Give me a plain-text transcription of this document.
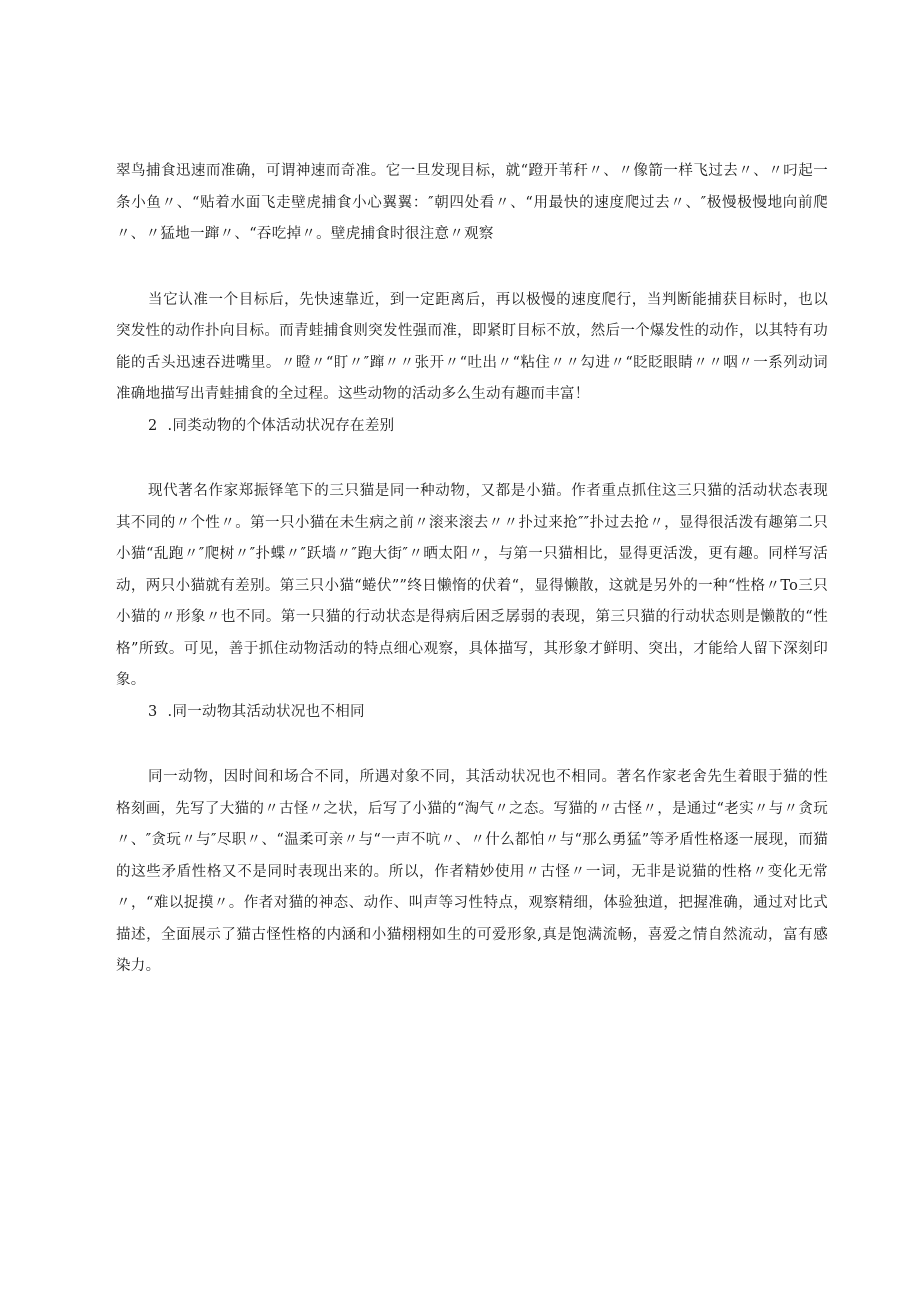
翠鸟捕食迅速而准确，可谓神速而奇准。它一旦发现目标，就“蹬开苇秆〃、〃像箭一样飞过去〃、〃叼起一条小鱼〃、“贴着水面飞走壁虎捕食小心翼翼：″朝四处看〃、“用最快的速度爬过去〃、″极慢极慢地向前爬〃、〃猛地一蹿〃、“吞吃掉〃。壁虎捕食时很注意〃观察

当它认准一个目标后，先快速靠近，到一定距离后，再以极慢的速度爬行，当判断能捕获目标时，也以突发性的动作扑向目标。而青蛙捕食则突发性强而准，即紧盯目标不放，然后一个爆发性的动作，以其特有功能的舌头迅速吞进嘴里。〃瞪〃“盯〃″蹿〃〃张开〃“吐出〃“粘住〃〃勾进〃“眨眨眼睛〃〃咽〃一系列动词准确地描写出青蛙捕食的全过程。这些动物的活动多么生动有趣而丰富！

2 .同类动物的个体活动状况存在差别

现代著名作家郑振铎笔下的三只猫是同一种动物，又都是小猫。作者重点抓住这三只猫的活动状态表现其不同的〃个性〃。第一只小猫在未生病之前〃滚来滚去〃〃扑过来抢″″扑过去抢〃，显得很活泼有趣第二只小猫“乱跑〃″爬树〃″扑蝶〃″跃墙〃″跑大街″〃晒太阳〃，与第一只猫相比，显得更活泼，更有趣。同样写活动，两只小猫就有差别。第三只小猫“蜷伏””终日懒惰的伏着“，显得懒散，这就是另外的一种“性格〃To三只小猫的〃形象〃也不同。第一只猫的行动状态是得病后困乏孱弱的表现，第三只猫的行动状态则是懒散的“性格”所致。可见，善于抓住动物活动的特点细心观察，具体描写，其形象才鲜明、突出，才能给人留下深刻印象。

3 .同一动物其活动状况也不相同

同一动物，因时间和场合不同，所遇对象不同，其活动状况也不相同。著名作家老舍先生着眼于猫的性格刻画，先写了大猫的〃古怪〃之状，后写了小猫的“淘气〃之态。写猫的〃古怪〃，是通过“老实〃与〃贪玩〃、″贪玩〃与″尽职〃、“温柔可亲〃与“一声不吭〃、〃什么都怕〃与“那么勇猛”等矛盾性格逐一展现，而猫的这些矛盾性格又不是同时表现出来的。所以，作者精妙使用〃古怪〃一词，无非是说猫的性格〃变化无常〃，“难以捉摸〃。作者对猫的神态、动作、叫声等习性特点，观察精细，体验独道，把握准确，通过对比式描述，全面展示了猫古怪性格的内涵和小猫栩栩如生的可爱形象,真是饱满流畅，喜爱之情自然流动，富有感染力。
